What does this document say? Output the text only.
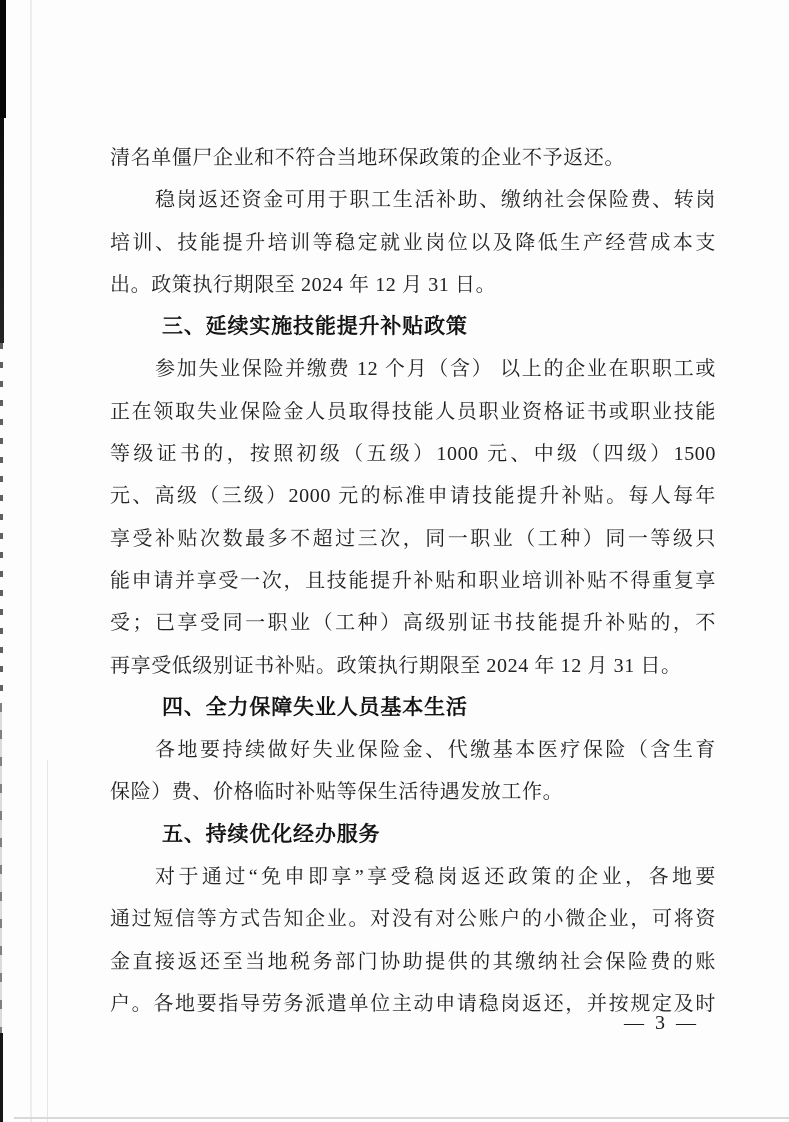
清名单僵尸企业和不符合当地环保政策的企业不予返还。
稳岗返还资金可用于职工生活补助、缴纳社会保险费、转岗
培训、技能提升培训等稳定就业岗位以及降低生产经营成本支
出。政策执行期限至 2024 年 12 月 31 日。
三、延续实施技能提升补贴政策
参加失业保险并缴费 12 个月（含） 以上的企业在职职工或
正在领取失业保险金人员取得技能人员职业资格证书或职业技能
等级证书的，按照初级（五级）1000 元、中级（四级）1500
元、高级（三级）2000 元的标准申请技能提升补贴。每人每年
享受补贴次数最多不超过三次，同一职业（工种）同一等级只
能申请并享受一次，且技能提升补贴和职业培训补贴不得重复享
受；已享受同一职业（工种）高级别证书技能提升补贴的，不
再享受低级别证书补贴。政策执行期限至 2024 年 12 月 31 日。
四、全力保障失业人员基本生活
各地要持续做好失业保险金、代缴基本医疗保险（含生育
保险）费、价格临时补贴等保生活待遇发放工作。
五、持续优化经办服务
对于通过“免申即享”享受稳岗返还政策的企业，各地要
通过短信等方式告知企业。对没有对公账户的小微企业，可将资
金直接返还至当地税务部门协助提供的其缴纳社会保险费的账
户。各地要指导劳务派遣单位主动申请稳岗返还，并按规定及时
— 3 —
